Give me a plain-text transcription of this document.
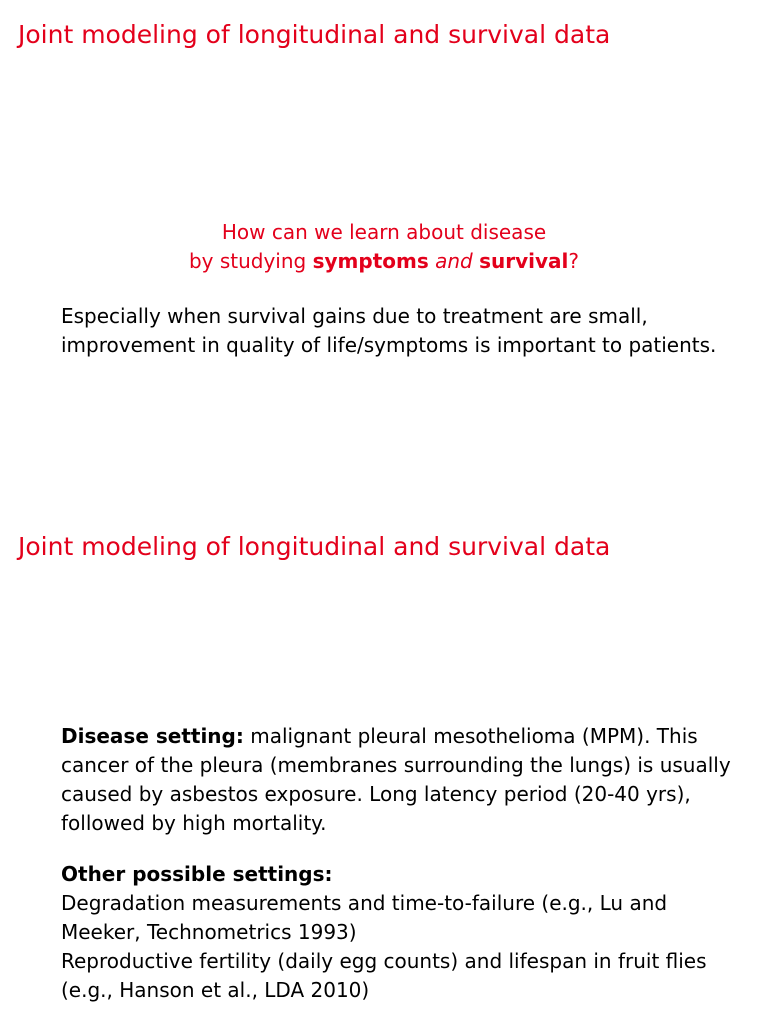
Joint modeling of longitudinal and survival data
How can we learn about disease
by studying symptoms and survival?

Especially when survival gains due to treatment are small,
improvement in quality of life/symptoms is important to patients.

Joint modeling of longitudinal and survival data

Disease setting: malignant pleural mesothelioma (MPM). This
cancer of the pleura (membranes surrounding the lungs) is usually
caused by asbestos exposure. Long latency period (20-40 yrs),
followed by high mortality.

Other possible settings:
Degradation measurements and time-to-failure (e.g., Lu and
Meeker, Technometrics 1993)
Reproductive fertility (daily egg counts) and lifespan in fruit flies
(e.g., Hanson et al., LDA 2010)
